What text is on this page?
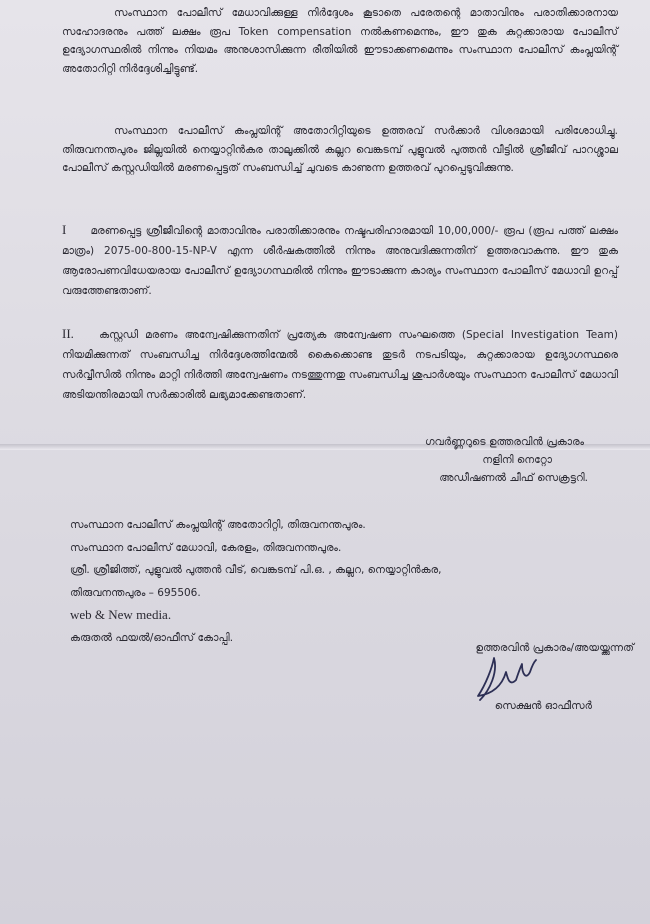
സംസ്ഥാന പോലീസ് മേധാവിക്കുള്ള നിർദ്ദേശം കൂടാതെ പരേതന്റെ മാതാവിനും പരാതിക്കാരനായ സഹോദരനും പത്ത് ലക്ഷം രൂപ Token compensation നൽകണമെന്നും, ഈ തുക കുറ്റക്കാരായ പോലീസ് ഉദ്യോഗസ്ഥരിൽ നിന്നും നിയമം അനുശാസിക്കുന്ന രീതിയിൽ ഈടാക്കണമെന്നും സംസ്ഥാന പോലീസ് കംപ്ലയിന്റ് അതോറിറ്റി നിർദ്ദേശിച്ചിട്ടുണ്ട്.

സംസ്ഥാന പോലീസ് കംപ്ലയിന്റ് അതോറിറ്റിയുടെ ഉത്തരവ് സർക്കാർ വിശദമായി പരിശോധിച്ചു. തിരുവനന്തപുരം ജില്ലയിൽ നെയ്യാറ്റിൻകര താലൂക്കിൽ കല്ലറ വെങ്കടമ്പ് പുളുവൽ പുത്തൻ വീട്ടിൽ ശ്രീജീവ് പാറശ്ശാല പോലീസ് കസ്റ്റഡിയിൽ മരണപ്പെട്ടത് സംബന്ധിച്ച് ചുവടെ കാണുന്ന ഉത്തരവ് പുറപ്പെടുവിക്കുന്നു.

I മരണപ്പെട്ട ശ്രീജീവിന്റെ മാതാവിനും പരാതിക്കാരനും നഷ്ടപരിഹാരമായി 10,00,000/- രൂപ (രൂപ പത്ത് ലക്ഷം മാത്രം) 2075-00-800-15-NP-V എന്ന ശീർഷകത്തിൽ നിന്നും അനുവദിക്കുന്നതിന് ഉത്തരവാകുന്നു. ഈ തുക ആരോപണവിധേയരായ പോലീസ് ഉദ്യോഗസ്ഥരിൽ നിന്നും ഈടാക്കുന്ന കാര്യം സംസ്ഥാന പോലീസ് മേധാവി ഉറപ്പ് വരുത്തേണ്ടതാണ്.

II. കസ്റ്റഡി മരണം അന്വേഷിക്കുന്നതിന് പ്രത്യേക അന്വേഷണ സംഘത്തെ (Special Investigation Team) നിയമിക്കുന്നത് സംബന്ധിച്ച നിർദ്ദേശത്തിന്മേൽ കൈക്കൊണ്ട തുടർ നടപടിയും, കുറ്റക്കാരായ ഉദ്യോഗസ്ഥരെ സർവ്വീസിൽ നിന്നും മാറ്റി നിർത്തി അന്വേഷണം നടത്തുന്നതു സംബന്ധിച്ച ശുപാർശയും സംസ്ഥാന പോലീസ് മേധാവി അടിയന്തിരമായി സർക്കാരിൽ ലഭ്യമാക്കേണ്ടതാണ്.

ഗവർണ്ണറുടെ ഉത്തരവിൻ പ്രകാരം
നളിനി നെറ്റോ
അഡീഷണൽ ചീഫ് സെക്രട്ടറി.
സംസ്ഥാന പോലീസ് കംപ്ലയിന്റ് അതോറിറ്റി, തിരുവനന്തപുരം.
സംസ്ഥാന പോലീസ് മേധാവി, കേരളം, തിരുവനന്തപുരം.
ശ്രീ. ശ്രീജിത്ത്, പുളുവൽ പുത്തൻ വീട്, വെങ്കടമ്പ് പി.ഒ. , കല്ലറ, നെയ്യാറ്റിൻകര,
തിരുവനന്തപുരം – 695506.
web & New media.
കരുതൽ ഫയൽ/ഓഫീസ് കോപ്പി.
ഉത്തരവിൻ പ്രകാരം/അയയ്ക്കുന്നത്
സെക്ഷൻ ഓഫീസർ
